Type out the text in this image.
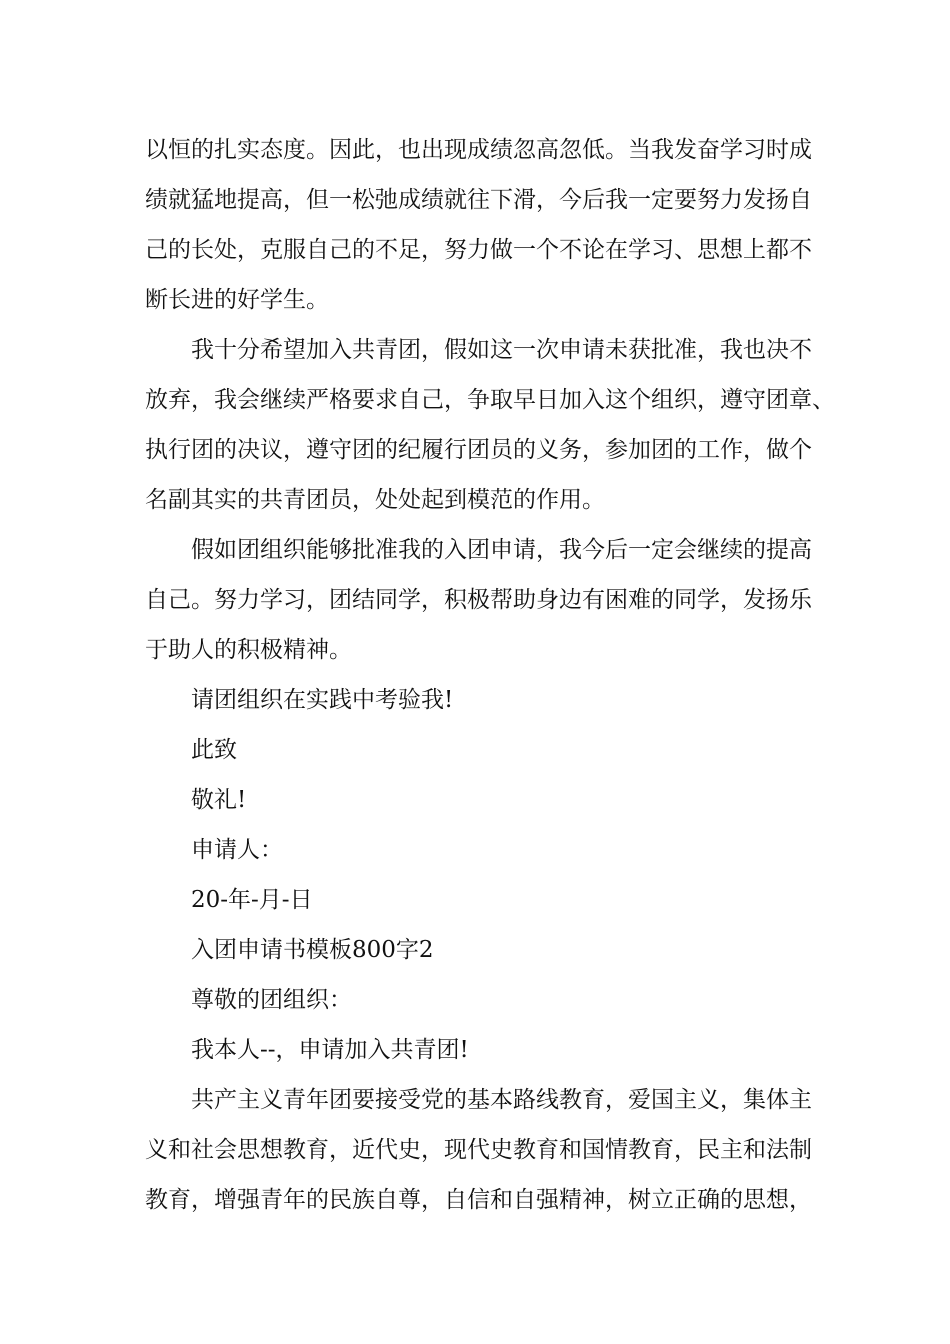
以恒的扎实态度。因此，也出现成绩忽高忽低。当我发奋学习时成
绩就猛地提高，但一松弛成绩就往下滑，今后我一定要努力发扬自
己的长处，克服自己的不足，努力做一个不论在学习、思想上都不
断长进的好学生。
我十分希望加入共青团，假如这一次申请未获批准，我也决不
放弃，我会继续严格要求自己，争取早日加入这个组织，遵守团章、
执行团的决议，遵守团的纪履行团员的义务，参加团的工作，做个
名副其实的共青团员，处处起到模范的作用。
假如团组织能够批准我的入团申请，我今后一定会继续的提高
自己。努力学习，团结同学，积极帮助身边有困难的同学，发扬乐
于助人的积极精神。
请团组织在实践中考验我!
此致
敬礼!
申请人：
20-年-月-日
入团申请书模板800字2
尊敬的团组织：
我本人--，申请加入共青团!
共产主义青年团要接受党的基本路线教育，爱国主义，集体主
义和社会思想教育，近代史，现代史教育和国情教育，民主和法制
教育，增强青年的民族自尊，自信和自强精神，树立正确的思想，
